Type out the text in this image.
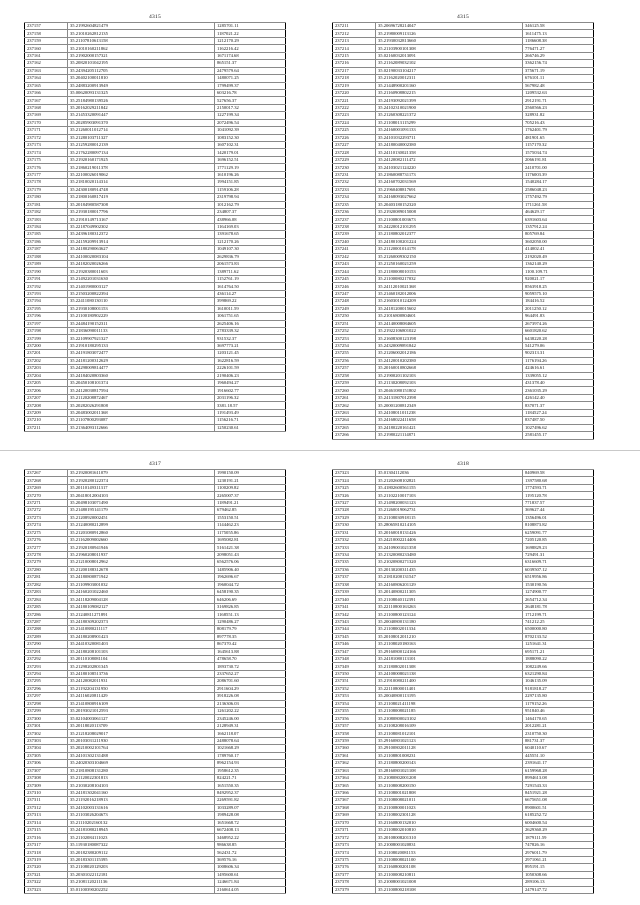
4315
237157	35.21992604821479	1285701.11
237158	35.21010262812135	1187021.22
237159	35.21107810613158	1212170.29
237160	35.21010160211862	1162216.42
237161	35.21902000157321	1671174.68
237162	35.20820101042195	865151.37
237163	35.24394205112705	2479579.64
237164	35.20402100011810	1480071.25
237165	35.24883200913949	1799499.37
237166	35.00620093131325	603216.78
237167	35.25184980139526	527656.37
237168	35.20162029211842	2150017.32
237169	35.21453320091447	1227199.34
237170	35.20285903091370	2072496.54
237171	35.21260011012714	1041092.39
237172	35.21280103711327	1083152.30
237173	35.21259280012139	1607102.31
237174	35.21762280097134	1420179.01
237175	35.21920160171925	1696152.51
237176	35.21860219011378	1771129.19
237177	35.22100026019062	1610196.26
237178	35.21810020114314	1994151.85
237179	35.24300180914748	1159106.28
237180	35.21800160817419	2319798.94
237181	35.20184980587308	1012162.79
237182	35.21930180017796	234807.37
237183	35.21910149713167	438966.08
237184	35.22187049902302	1164169.03
237185	35.24396180312372	1391678.65
237186	35.24159209913914	1212170.26
237187	35.24180290063627	1049107.30
237188	35.24100020083104	2629836.79
237189	35.24182020026266	2061573.83
237190	35.21920380011603	1389711.62
237191	35.21492201031630	1152761.19
237192	35.21401980003127	1614764.50
237193	35.21503200822394	436114.27
237194	35.22411080130110	399869.22
237195	35.21930108001153	1610011.59
237196	35.21100180902229	1061751.65
237197	35.24484190152311	2625406.16
237198	35.21836090011133	2783339.32
237199	35.22109907921327	931532.37
237200	35.21910180295133	3697773.21
237201	35.24191803072477	1203121.45
237202	35.24181200312629	1622816.59
237203	35.24298009814477	2226101.59
237204	35.24184020803360	2190406.23
237205	35.20450108101374	1960494.27
237206	35.24120030817594	1916602.77
237207	35.21120208872467	2031196.32
237208	35.20282026291808	3381.18.57
237209	35.20483002011368	1191493.49
237210	35.21107800293087	1156216.71
237211	35.21364093112666	1250230.61
4315
237211	35.20696728214047	346125.58
237212	35.21980009113126	1611475.13
237213	35.21930032813660	1186608.38
237214	35.21103900101308	776471.27
237215	35.02160032013091	266746.29
237216	35.21162089032102	3362156.74
237217	35.02190033104217	375671.19
237218	35.21162020012311	676101.11
237219	35.21448900201160	567982.48
237220	35.21160908802215	1209532.63
237221	35.24193092021399	2912191.71
237222	35.24102310021900	2560566.23
237223	35.21260308221372	328931.82
237224	35.21108013115299	705216.43
237225	35.24160001091133	1762401.79
237226	35.24101032293711	481901.65
237227	35.24180040002380	1157170.32
237228	35.24110130021358	1575034.74
237229	35.24120082111472	2066191.81
237230	35.24103021124220	2410701.00
237231	35.21860088731173	1176003.39
237232	35.24160702031569	1540284.17
237233	35.21960408817691	2586048.23
237234	35.24168093027662	1757492.79
237235	35.20403180152320	1711261.58
237236	35.21920089015008	464629.17
237237	35.21100801003673	6391603.64
237238	35.24220012101295	1357912.24
237239	35.21180802012377	805769.84
237240	35.24180100201224	3602050.00
237241	35.21120001014178	414002.41
237242	35.21260009302150	2192020.49
237243	35.21250160021259	1362140.29
237244	35.21180008010153	1100.109.71
237245	35.21100080217032	920021.17
237246	35.24112010021368	8563918.25
237247	35.21460182012006	9059575.10
237248	35.21603010124209	184416.52
237249	35.24181200015602	2011250.12
237250	35.21016800804601	964491.83
237251	35.24140008084605	2673974.26
237252	35.21922106801022	6601820.62
237253	35.21608300123198	6438220.28
237254	35.24320009891842	541279.06
237255	35.21206002012186	902313.31
237256	35.24120010202380	1176194.26
237257	35.20160010802668	424616.61
237258	35.21900201102103	1339055.12
237259	35.21130208092103	431378.40
237260	35.20461080151802	2361035.29
237261	35.24131807012398	426142.40
237262	35.20001200812349	837071.37
237263	35.24108011011238	1184527.24
237264	35.24168022411658	837487.50
237265	35.24180220161421	1027496.62
237266	35.21980221114871	2581455.17
4317
237267	35.21920081611079	1990150.09
237268	35.21920280122374	1230191.21
237269	35.20110149311317	1100209.82
237270	35.20418012004103	2265007.37
237271	35.20498103071490	1189491.21
237272	35.21480195141179	679462.85
237273	35.21208920002451	1553150.51
237274	35.21240080212899	1144462.23
237275	35.21201080912860	1175055.86
237276	35.21162009002660	1695082.81
237277	35.21920180941946	5161421.38
237278	35.21960208011937	2098051.43
237279	35.21210008012962	6562576.06
237280	35.21200188312678	1485906.40
237281	35.24180800871942	1962696.67
237282	35.21109903001032	1960044.72
237283	35.24160201022460	6458190.35
237284	35.24118209004128	646206.69
237285	35.24180109082127	3169826.85
237286	35.21240811271891	1168551.13
237287	35.24180309202373	1290486.27
237288	35.21410880211117	808179.79
237289	35.24180208901423	897778.35
237290	35.24410320081403	867370.42
237291	35.24180208101103	1645613.88
237292	35.20110108081104	478658.70
237293	35.21298202801345	1893730.72
237294	35.24180108513736	2337652.27
237295	35.24120082011931	2086701.60
237296	35.21192204131950	2911604.29
237297	35.24116020811429	3918226.08
237298	35.21410800916109	2136306.03
237299	35.20193021012593	1261202.22
237300	35.02104003061127	2345246.00
237301	35.20118020113709	2128949.31
237302	35.21218208029017	1662118.07
237303	35.20103031211930	2488078.64
237304	35.20210002101764	1021668.29
237305	35.24101302131488	1789760.17
237306	35.24020303104669	8962154.93
237307	35.21810808131280	1958612.35
237308	35.21120022301813	824221.71
237309	35.21030208104103	1651550.35
237310	35.24181302041160	8492952.37
237311	35.21192016218913	2269591.82
237312	35.24102003131616	1033289.07
237313	35.21103026204673	1989428.08
237314	35.21110202160132	1651668.72
237315	35.24181080218945	6672408.13
237316	35.21102084111023	3468952.22
237317	35.11930180087322	986638.85
237318	35.20182380209112	562431.72
237319	35.20183301115395	369576.16
237320	35.21108020129203	1008606.34
237321	35.20301022112181	1495600.61
237322	35.21081120211136	1246671.84
237323	35.01100390202252	2160614.05
4318
237323	35.01304112036	840969.58
237324	35.21202608102821	1397580.68
237325	35.41802600561155	1774593.71
237326	35.21102210017103	1195120.78
237327	35.21498200031123	771837.57
237328	35.21260019062731	369627.44
237329	35.21108030918115	1356496.01
237330	35.28065810214105	8108873.82
237331	35.20160018131426	6259091.77
237332	35.24210002214406	7205120.85
237333	35.24109001021358	1698829.23
237334	35.21320080233480	729491.31
237335	35.21020800271320	6316609.71
237336	35.20130200311435	6039507.12
237337	35.21810200131547	6519956.86
237338	35.24160806201129	1530190.56
237339	35.20140800211305	1274900.77
237340	35.21108040112391	2654712.34
237341	35.22110800163263	2648181.78
237342	35.21100800123124	1712199.71
237343	35.20040800131180	741212.25
237344	35.21108002011334	6500000.80
237345	35.20108012011210	8702133.52
237346	35.21108020180163	1251641.31
237347	35.29160800124166	695171.21
237348	35.24181080113101	1888090.22
237349	35.21180802011308	1082249.66
237350	35.24108008021138	6321290.84
237351	35.21910080211400	1046135.09
237352	35.22110800011401	9181818.27
237353	35.20040800113195	2297135.80
237354	35.21108021411198	1179152.26
237355	35.21108008021185	951840.46
237356	35.21080800023102	1464170.65
237357	35.21108208016109	2012281.21
237358	35.21108081012101	2310750.30
237359	35.29160801021123	881731.37
237360	35.29100802011128	6040110.67
237361	35.21108801008231	445551.10
237362	35.21180800200143	2391641.17
237363	35.28160801021108	6159968.28
237364	35.21080802001208	8994613.08
237365	35.21108008200150	7291543.33
237366	35.21108001021808	8451921.28
237367	35.21108008021011	6675651.08
237368	35.21100800011023	8900601.51
237369	35.21108002301128	6185252.72
237370	35.21160800132010	6004600.54
237371	35.21108002010810	2629360.29
237372	35.20108008201310	1879111.59
237373	35.21008001020831	747826.16
237374	35.21108020081153	2976011.79
237375	35.21108008021100	2971061.21
237376	35.21160800201108	895191.15
237377	35.21100008210811	1050308.66
237378	35.21008001021008	289106.13
237379	35.21100800218108	2479147.72
